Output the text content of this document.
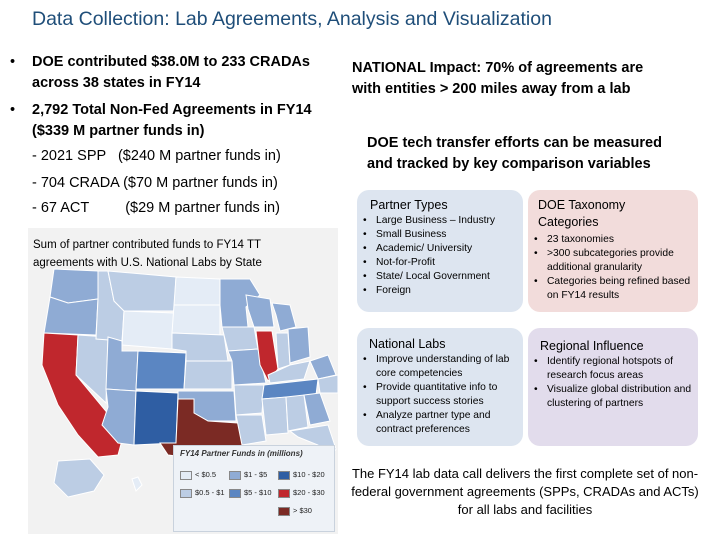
Data Collection: Lab Agreements, Analysis and Visualization
• DOE contributed $38.0M to 233 CRADAs
across 38 states in FY14
• 2,792 Total Non-Fed Agreements in FY14
($339 M partner funds in)
- 2021 SPP   ($240 M partner funds in)
- 704 CRADA ($70 M partner funds in)
- 67 ACT         ($29 M partner funds in)
Sum of partner contributed funds to FY14 TT agreements with U.S. National Labs by State
FY14 Partner Funds in (millions)
< $0.5	$1 - $5	$10 - $20
$0.5 - $1	$5 - $10	$20 - $30
> $30
NATIONAL Impact: 70% of agreements are
with entities > 200 miles away from a lab
DOE tech transfer efforts can be measured
and tracked by key comparison variables
Partner Types
• Large Business – Industry
• Small Business
• Academic/ University
• Not-for-Profit
• State/ Local Government
• Foreign
DOE Taxonomy
Categories
• 23 taxonomies
• >300 subcategories provide additional granularity
• Categories being refined based on FY14 results
National Labs
• Improve understanding of lab core competencies
• Provide quantitative info to support success stories
• Analyze partner type and contract preferences
Regional Influence
• Identify regional hotspots of research focus areas
• Visualize global distribution and clustering of partners
The FY14 lab data call delivers the first complete set of non-federal government agreements (SPPs, CRADAs and ACTs) for all labs and facilities
